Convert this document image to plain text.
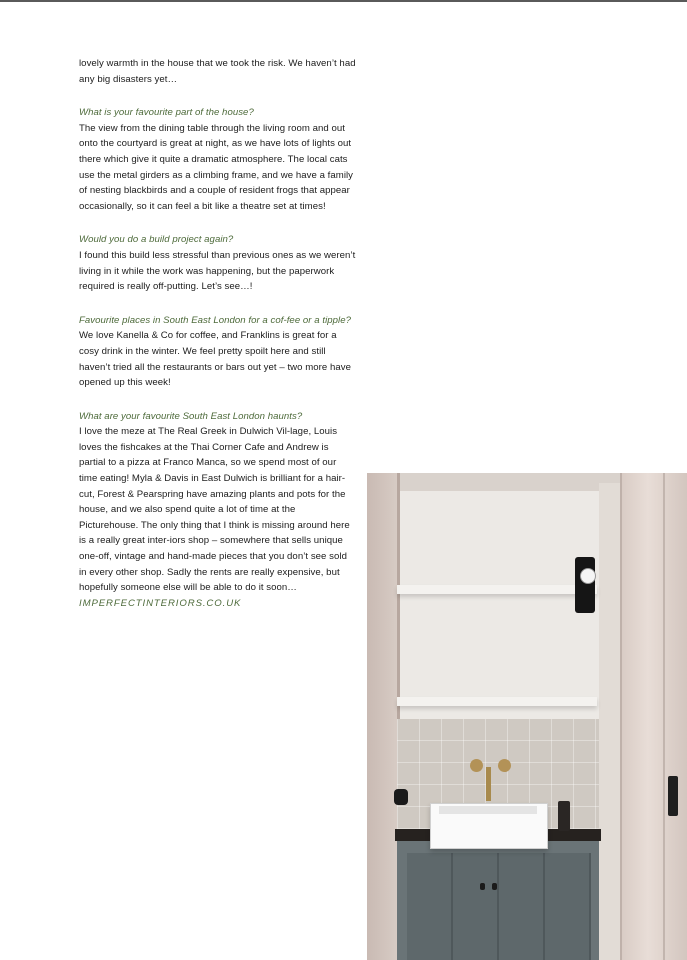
lovely warmth in the house that we took the risk. We haven’t had any big disasters yet…

What is your favourite part of the house?

The view from the dining table through the living room and out onto the courtyard is great at night, as we have lots of lights out there which give it quite a dramatic atmosphere. The local cats use the metal girders as a climbing frame, and we have a family of nesting blackbirds and a couple of resident frogs that appear occasionally, so it can feel a bit like a theatre set at times!

Would you do a build project again?

I found this build less stressful than previous ones as we weren’t living in it while the work was happening, but the paperwork required is really off-putting. Let’s see…!

Favourite places in South East London for a cof-fee or a tipple?

We love Kanella & Co for coffee, and Franklins is great for a cosy drink in the winter. We feel pretty spoilt here and still haven’t tried all the restaurants or bars out yet – two more have opened up this week!

What are your favourite South East London haunts?

I love the meze at The Real Greek in Dulwich Vil-lage, Louis loves the fishcakes at the Thai Corner Cafe and Andrew is partial to a pizza at Franco Manca, so we spend most of our time eating! Myla & Davis in East Dulwich is brilliant for a hair-cut, Forest & Pearspring have amazing plants and pots for the house, and we also spend quite a lot of time at the Picturehouse. The only thing that I think is missing around here is a really great inter-iors shop – somewhere that sells unique one-off, vintage and hand-made pieces that you don’t see sold in every other shop. Sadly the rents are really expensive, but hopefully someone else will be able to do it soon…

IMPERFECTINTERIORS.CO.UK
